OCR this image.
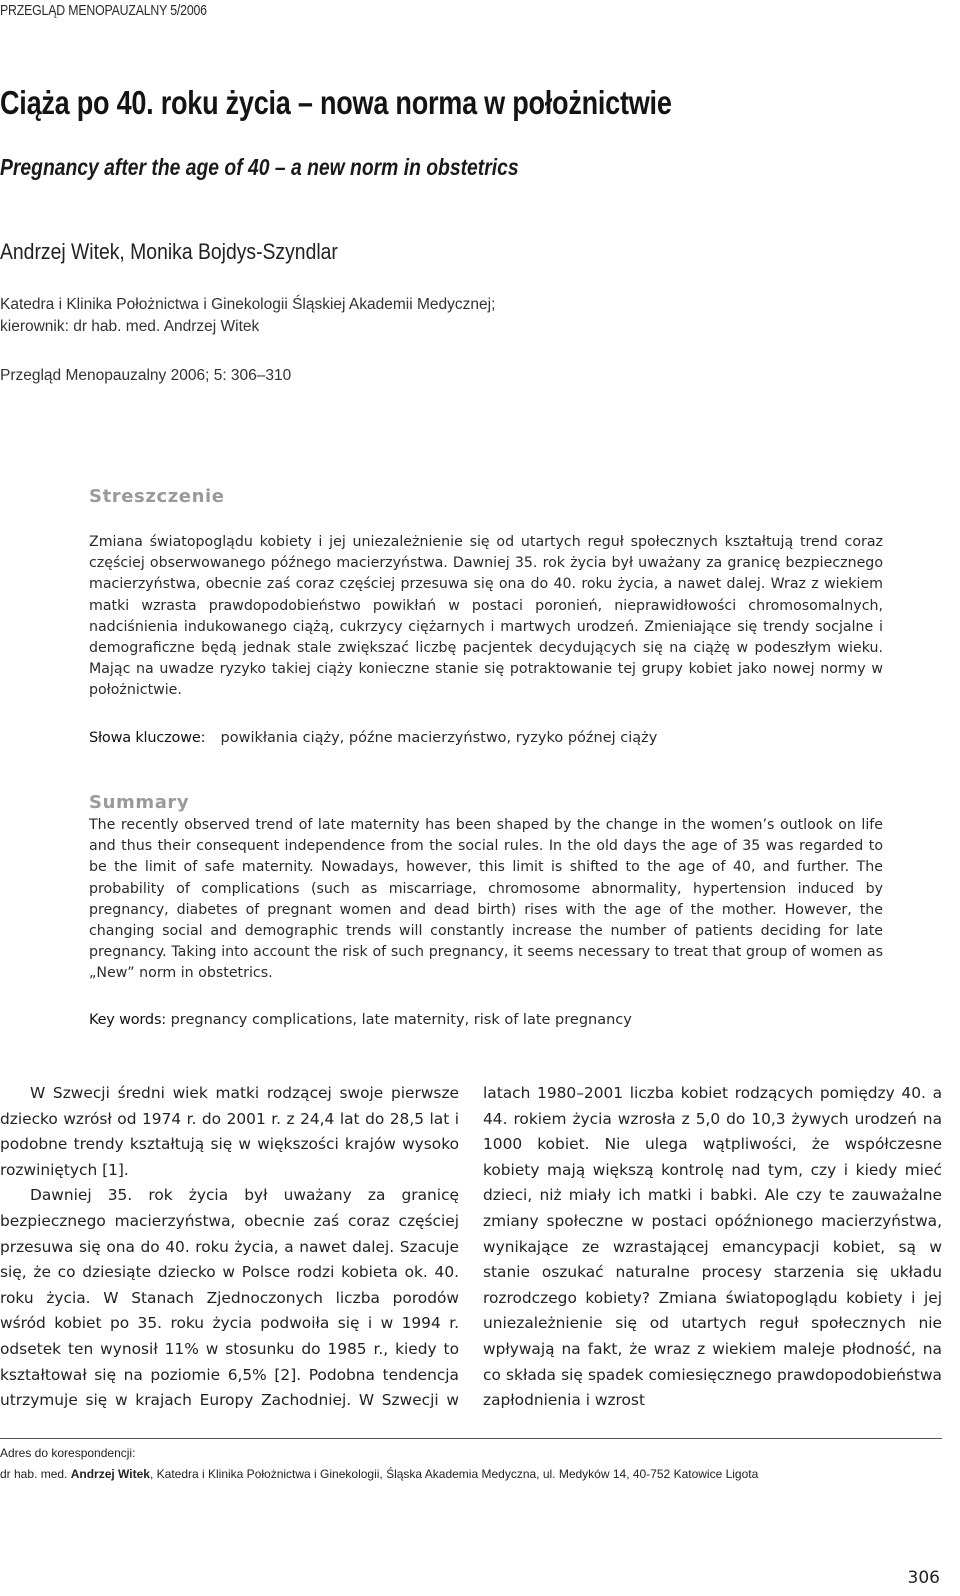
PRZEGLĄD MENOPAUZALNY 5/2006
Ciąża po 40. roku życia – nowa norma w położnictwie
Pregnancy after the age of 40 – a new norm in obstetrics
Andrzej Witek, Monika Bojdys-Szyndlar
Katedra i Klinika Położnictwa i Ginekologii Śląskiej Akademii Medycznej;
kierownik: dr hab. med. Andrzej Witek
Przegląd Menopauzalny 2006; 5: 306–310
Streszczenie
Zmiana światopoglądu kobiety i jej uniezależnienie się od utartych reguł społecznych kształtują trend coraz częściej obserwowanego późnego macierzyństwa. Dawniej 35. rok życia był uważany za granicę bezpiecznego macierzyństwa, obecnie zaś coraz częściej przesuwa się ona do 40. roku życia, a nawet dalej. Wraz z wiekiem matki wzrasta prawdopodobieństwo powikłań w postaci poronień, nieprawidłowości chromosomalnych, nadciśnienia indukowanego ciążą, cukrzycy ciężarnych i martwych urodzeń. Zmieniające się trendy socjalne i demograficzne będą jednak stale zwiększać liczbę pacjentek decydujących się na ciążę w podeszłym wieku. Mając na uwadze ryzyko takiej ciąży konieczne stanie się potraktowanie tej grupy kobiet jako nowej normy w położnictwie.
Słowa kluczowe: powikłania ciąży, późne macierzyństwo, ryzyko późnej ciąży
Summary
The recently observed trend of late maternity has been shaped by the change in the women’s outlook on life and thus their consequent independence from the social rules. In the old days the age of 35 was regarded to be the limit of safe maternity. Nowadays, however, this limit is shifted to the age of 40, and further. The probability of complications (such as miscarriage, chromosome abnormality, hypertension induced by pregnancy, diabetes of pregnant women and dead birth) rises with the age of the mother. However, the changing social and demographic trends will constantly increase the number of patients deciding for late pregnancy. Taking into account the risk of such pregnancy, it seems necessary to treat that group of women as „New” norm in obstetrics.
Key words: pregnancy complications, late maternity, risk of late pregnancy

W Szwecji średni wiek matki rodzącej swoje pierwsze dziecko wzrósł od 1974 r. do 2001 r. z 24,4 lat do 28,5 lat i podobne trendy kształtują się w większości krajów wysoko rozwiniętych [1].

Dawniej 35. rok życia był uważany za granicę bezpiecznego macierzyństwa, obecnie zaś coraz częściej przesuwa się ona do 40. roku życia, a nawet dalej. Szacuje się, że co dziesiąte dziecko w Polsce rodzi kobieta ok. 40. roku życia. W Stanach Zjednoczonych liczba porodów wśród kobiet po 35. roku życia podwoiła się i w 1994 r. odsetek ten wynosił 11% w stosunku do 1985 r., kiedy to kształtował się na poziomie 6,5% [2]. Podobna tendencja utrzymuje się w krajach Europy Zachodniej. W Szwecji w latach 1980–2001 liczba kobiet rodzących pomiędzy 40. a 44. rokiem życia wzrosła z 5,0 do 10,3 żywych urodzeń na 1000 kobiet. Nie ulega wątpliwości, że współczesne kobiety mają większą kontrolę nad tym, czy i kiedy mieć dzieci, niż miały ich matki i babki. Ale czy te zauważalne zmiany społeczne w postaci opóźnionego macierzyństwa, wynikające ze wzrastającej emancypacji kobiet, są w stanie oszukać naturalne procesy starzenia się układu rozrodczego kobiety? Zmiana światopoglądu kobiety i jej uniezależnienie się od utartych reguł społecznych nie wpływają na fakt, że wraz z wiekiem maleje płodność, na co składa się spadek comiesięcznego prawdopodobieństwa zapłodnienia i wzrost

Adres do korespondencji:
dr hab. med. Andrzej Witek, Katedra i Klinika Położnictwa i Ginekologii, Śląska Akademia Medyczna, ul. Medyków 14, 40-752 Katowice Ligota
306
